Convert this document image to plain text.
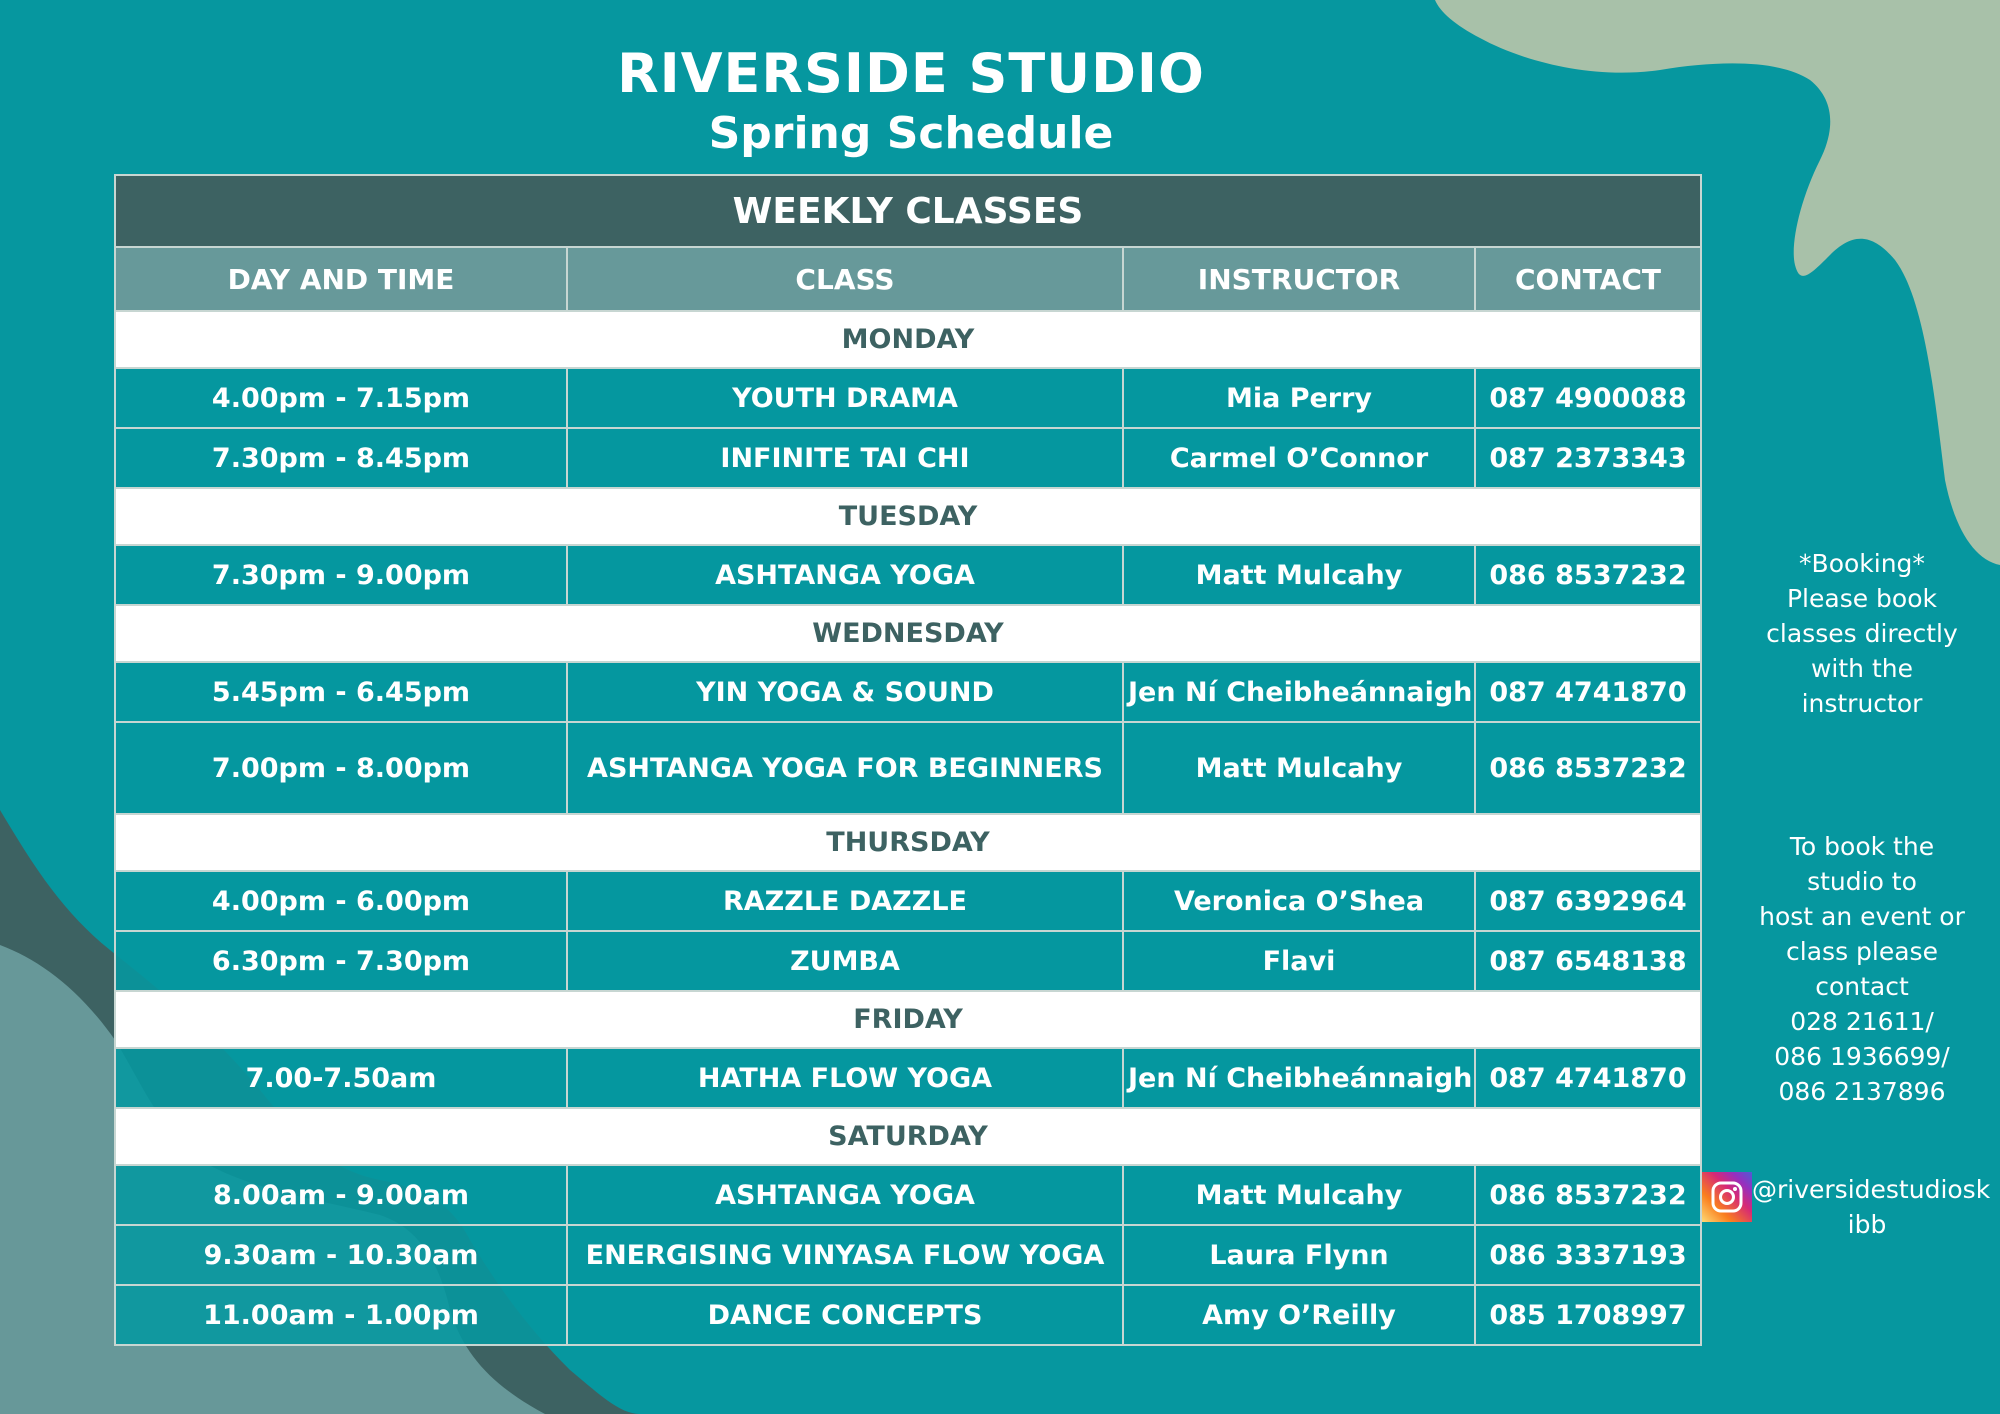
RIVERSIDE STUDIO
Spring Schedule
WEEKLY CLASSES			
DAY AND TIME	CLASS	INSTRUCTOR	CONTACT
MONDAY			
4.00pm - 7.15pm	YOUTH DRAMA	Mia Perry	087 4900088
7.30pm - 8.45pm	INFINITE TAI CHI	Carmel O’Connor	087 2373343
TUESDAY			
7.30pm - 9.00pm	ASHTANGA YOGA	Matt Mulcahy	086 8537232
WEDNESDAY			
5.45pm - 6.45pm	YIN YOGA & SOUND	Jen Ní Cheibheánnaigh	087 4741870
7.00pm - 8.00pm	ASHTANGA YOGA FOR BEGINNERS	Matt Mulcahy	086 8537232
THURSDAY			
4.00pm - 6.00pm	RAZZLE DAZZLE	Veronica O’Shea	087 6392964
6.30pm - 7.30pm	ZUMBA	Flavi	087 6548138
FRIDAY			
7.00-7.50am	HATHA FLOW YOGA	Jen Ní Cheibheánnaigh	087 4741870
SATURDAY			
8.00am - 9.00am	ASHTANGA YOGA	Matt Mulcahy	086 8537232
9.30am - 10.30am	ENERGISING VINYASA FLOW YOGA	Laura Flynn	086 3337193
11.00am - 1.00pm	DANCE CONCEPTS	Amy O’Reilly	085 1708997
*Booking*
Please book
classes directly
with the
instructor
To book the
studio to
host an event or
class please
contact
028 21611/
086 1936699/
086 2137896
@riversidestudiosk
ibb
